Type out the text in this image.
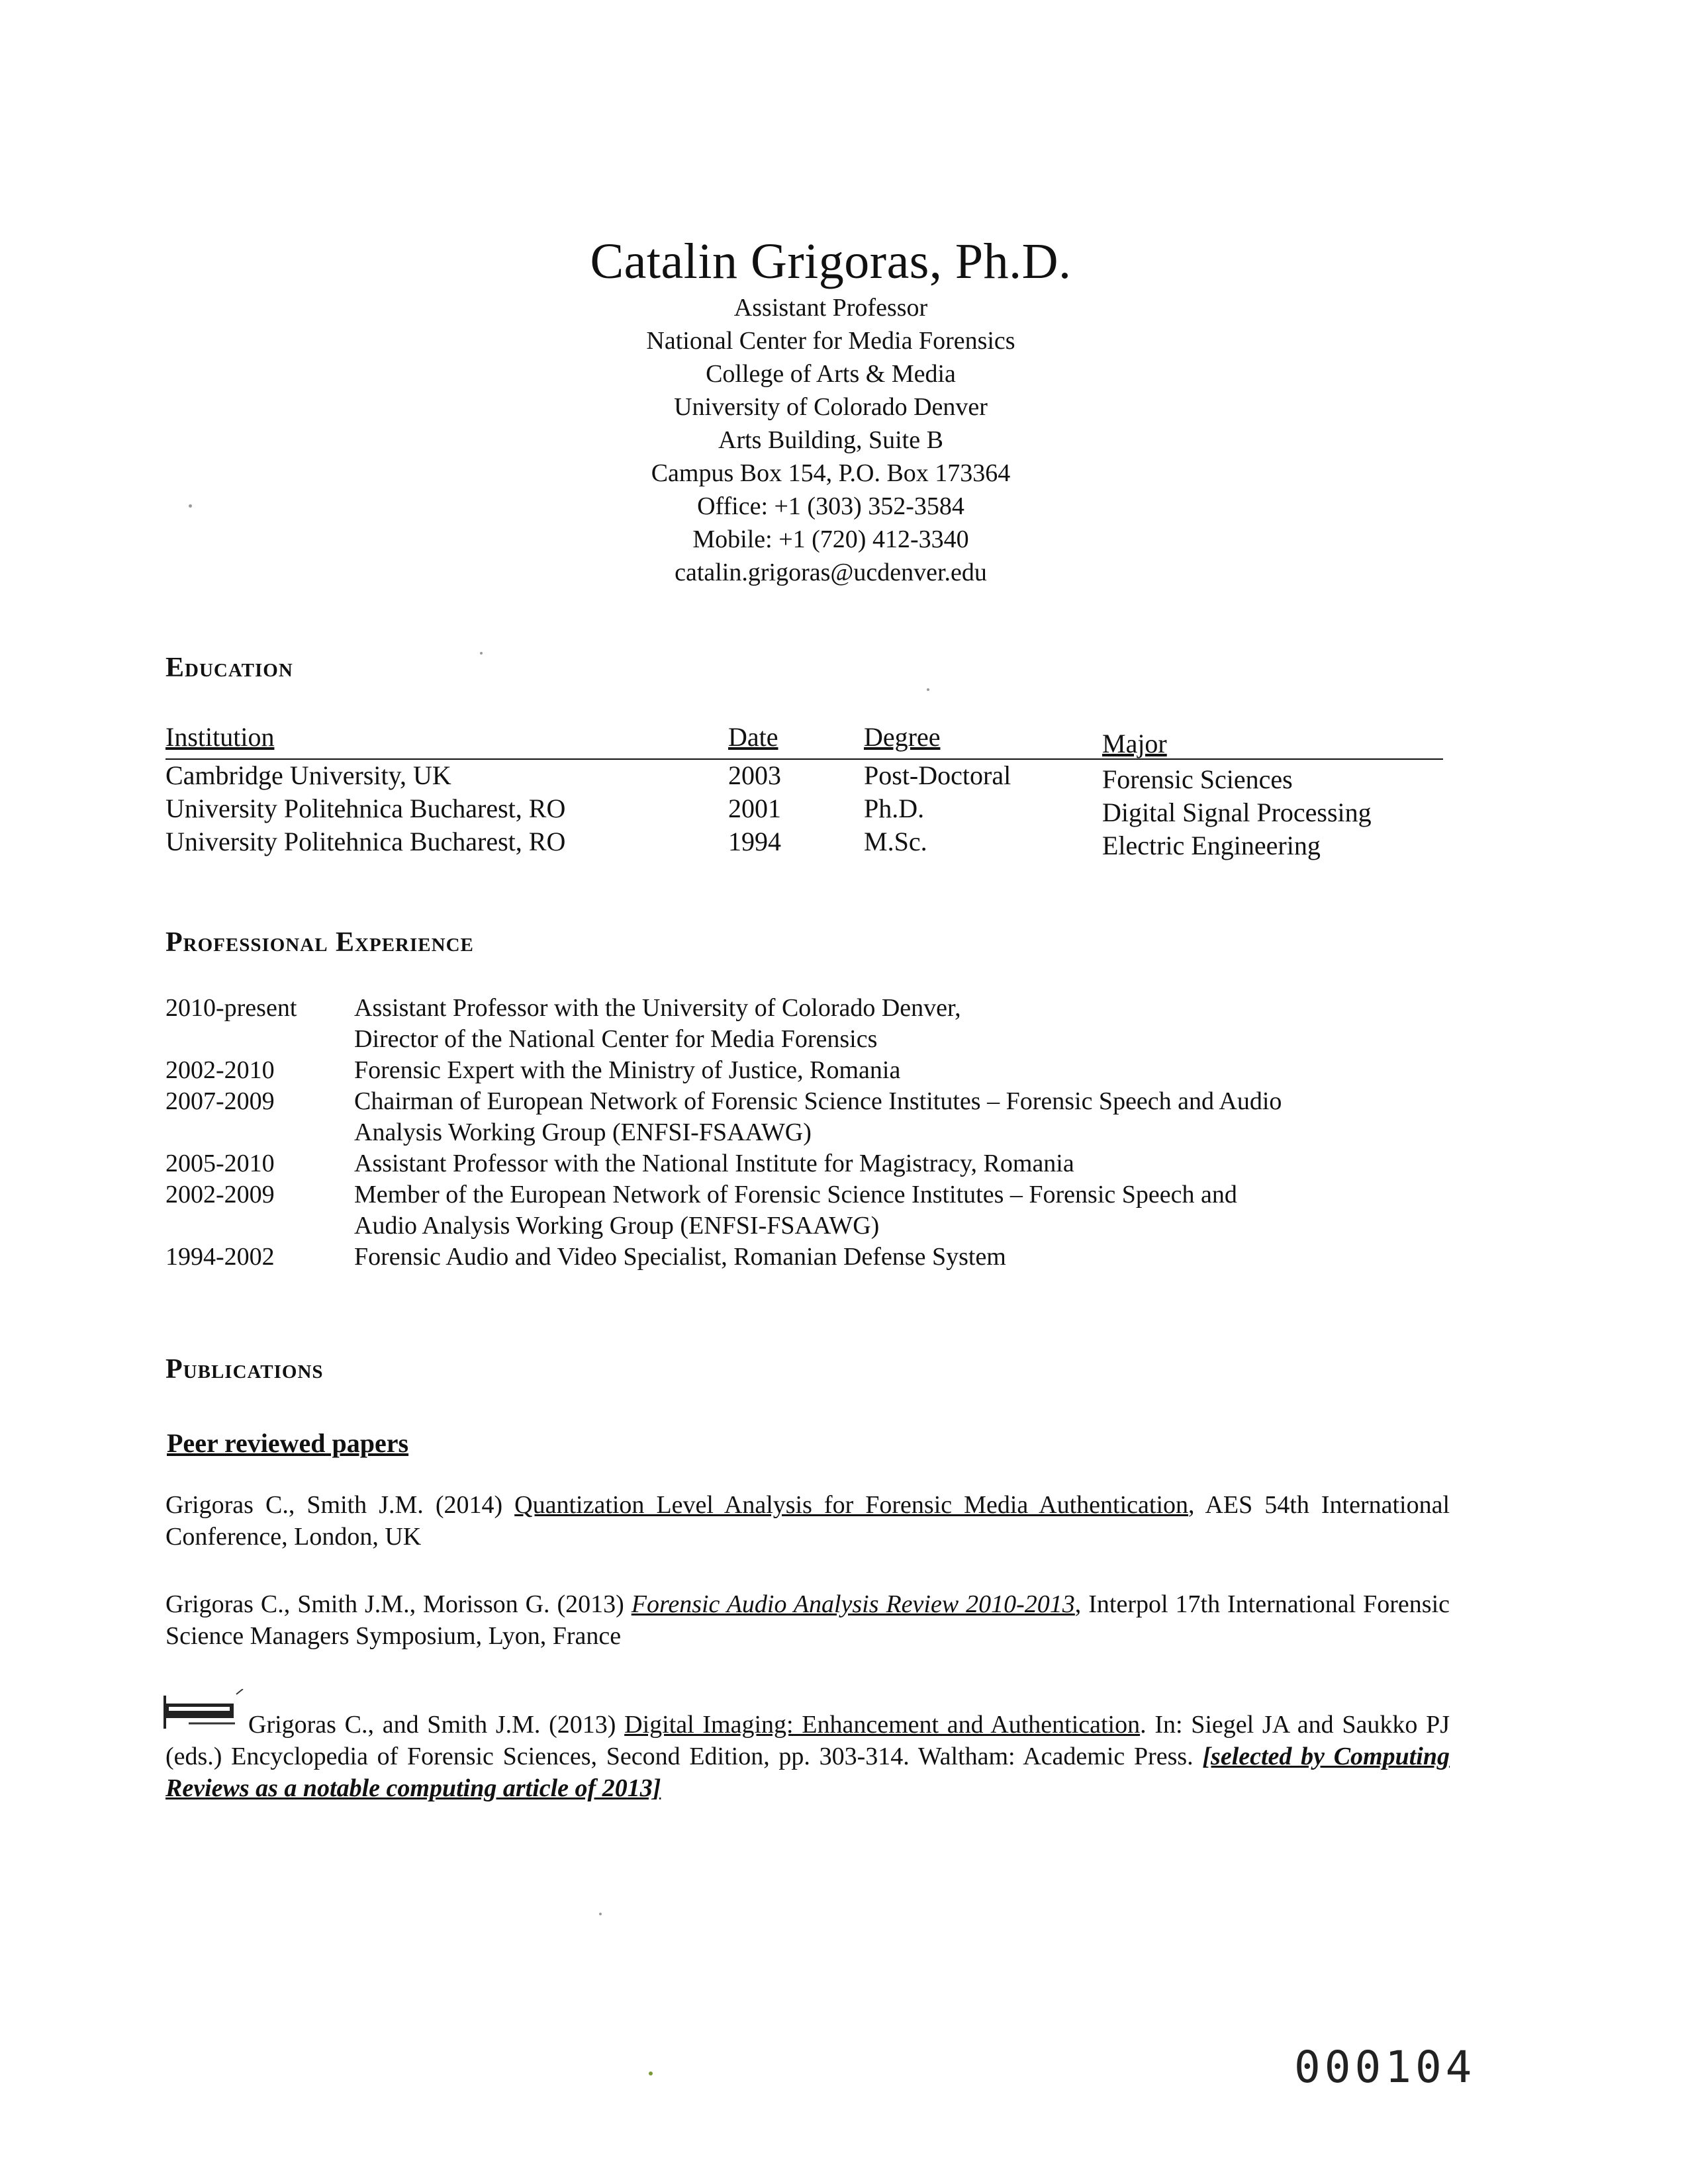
Catalin Grigoras, Ph.D.
Assistant Professor
National Center for Media Forensics
College of Arts & Media
University of Colorado Denver
Arts Building, Suite B
Campus Box 154, P.O. Box 173364
Office: +1 (303) 352-3584
Mobile: +1 (720) 412-3340
catalin.grigoras@ucdenver.edu
Education
Institution	Date	Degree	Major
Cambridge University, UK	2003	Post-Doctoral	Forensic Sciences
University Politehnica Bucharest, RO	2001	Ph.D.	Digital Signal Processing
University Politehnica Bucharest, RO	1994	M.Sc.	Electric Engineering
Professional Experience
2010-present	Assistant Professor with the University of Colorado Denver,
Director of the National Center for Media Forensics
2002-2010	Forensic Expert with the Ministry of Justice, Romania
2007-2009	Chairman of European Network of Forensic Science Institutes – Forensic Speech and Audio
Analysis Working Group (ENFSI-FSAAWG)
2005-2010	Assistant Professor with the National Institute for Magistracy, Romania
2002-2009	Member of the European Network of Forensic Science Institutes – Forensic Speech and
Audio Analysis Working Group (ENFSI-FSAAWG)
1994-2002	Forensic Audio and Video Specialist, Romanian Defense System
Publications
Peer reviewed papers
Grigoras C., Smith J.M. (2014) Quantization Level Analysis for Forensic Media Authentication, AES 54th International Conference, London, UK
Grigoras C., Smith J.M., Morisson G. (2013) Forensic Audio Analysis Review 2010-2013, Interpol 17th International Forensic Science Managers Symposium, Lyon, France
Grigoras C., and Smith J.M. (2013) Digital Imaging: Enhancement and Authentication. In: Siegel JA and Saukko PJ (eds.) Encyclopedia of Forensic Sciences, Second Edition, pp. 303-314. Waltham: Academic Press. [selected by Computing Reviews as a notable computing article of 2013]
000104
